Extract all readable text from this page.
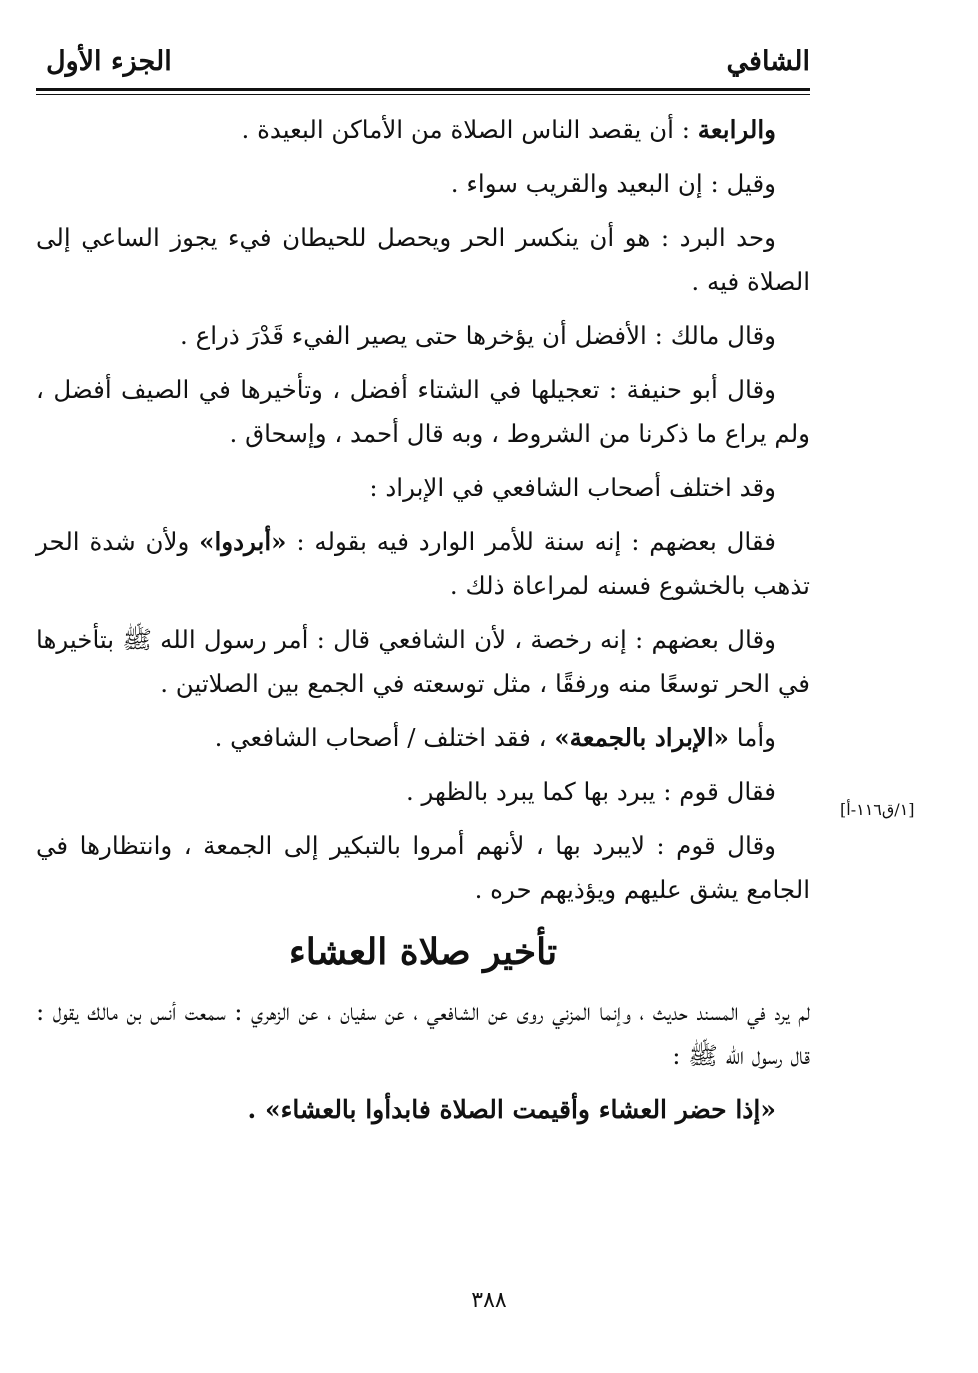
الشافي
الجزء الأول

والرابعة : أن يقصد الناس الصلاة من الأماكن البعيدة .

وقيل : إن البعيد والقريب سواء .

وحد البرد : هو أن ينكسر الحر ويحصل للحيطان فيء يجوز الساعي إلى الصلاة فيه .

وقال مالك : الأفضل أن يؤخرها حتى يصير الفيء قَدْرَ ذراع .

وقال أبو حنيفة : تعجيلها في الشتاء أفضل ، وتأخيرها في الصيف أفضل ، ولم يراع ما ذكرنا من الشروط ، وبه قال أحمد ، وإسحاق .

وقد اختلف أصحاب الشافعي في الإبراد :

فقال بعضهم : إنه سنة للأمر الوارد فيه بقوله : «أبردوا» ولأن شدة الحر تذهب بالخشوع فسنه لمراعاة ذلك .

وقال بعضهم : إنه رخصة ، لأن الشافعي قال : أمر رسول الله ﷺ بتأخيرها في الحر توسعًا منه ورفقًا ، مثل توسعته في الجمع بين الصلاتين .

وأما «الإبراد بالجمعة» ، فقد اختلف / أصحاب الشافعي .

فقال قوم : يبرد بها كما يبرد بالظهر .

وقال قوم : لايبرد بها ، لأنهم أمروا بالتبكير إلى الجمعة ، وانتظارها في الجامع يشق عليهم ويؤذيهم حره .

تأخير صلاة العشاء

لم يرد في المسند حديث ، وإنما المزني روى عن الشافعي ، عن سفيان ، عن الزهري : سمعت أنس بن مالك يقول : قال رسول الله ﷺ :

«إذا حضر العشاء وأقيمت الصلاة فابدأوا بالعشاء» .

[١/ق١١٦-أ]
٣٨٨
